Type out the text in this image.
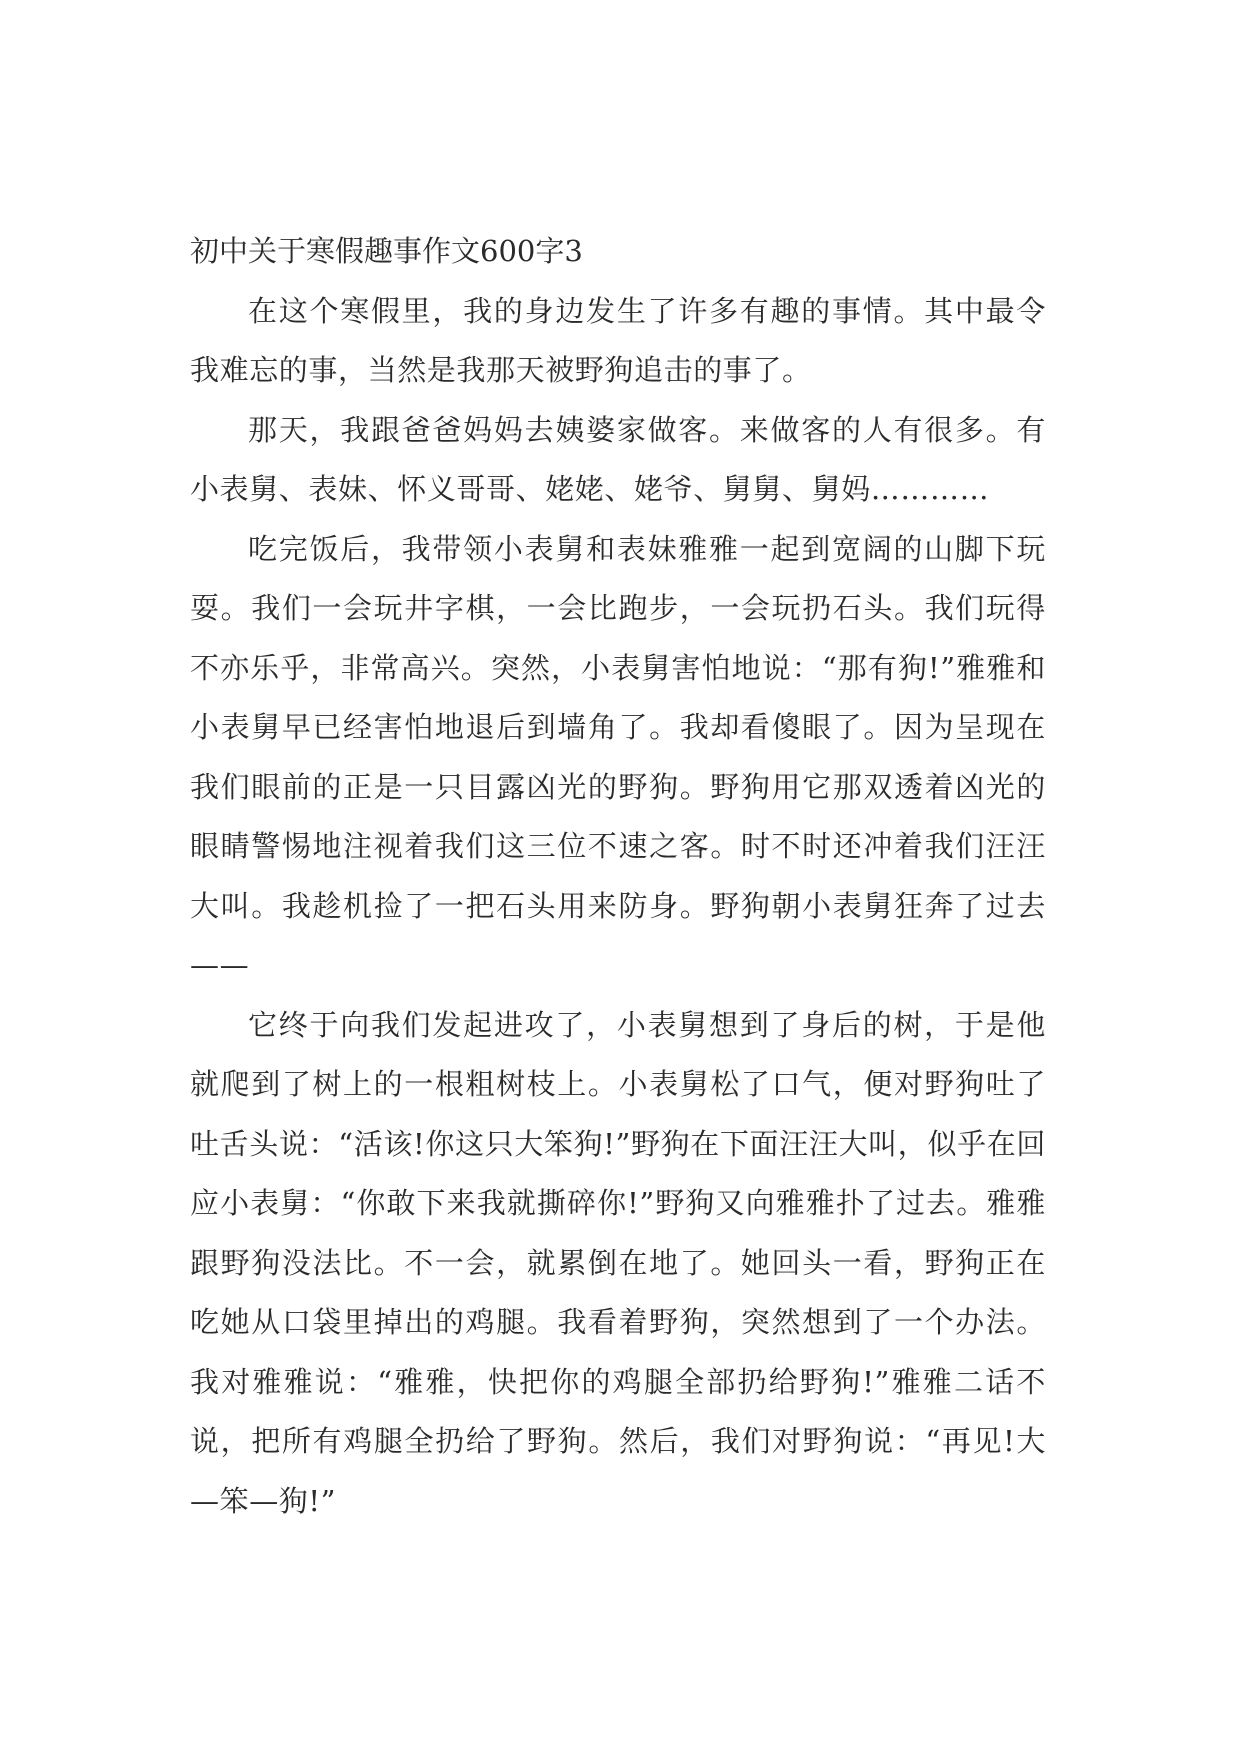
初中关于寒假趣事作文600字3

在这个寒假里，我的身边发生了许多有趣的事情。其中最令我难忘的事，当然是我那天被野狗追击的事了。

那天，我跟爸爸妈妈去姨婆家做客。来做客的人有很多。有小表舅、表妹、怀义哥哥、姥姥、姥爷、舅舅、舅妈…………

吃完饭后，我带领小表舅和表妹雅雅一起到宽阔的山脚下玩耍。我们一会玩井字棋，一会比跑步，一会玩扔石头。我们玩得不亦乐乎，非常高兴。突然，小表舅害怕地说：“那有狗!”雅雅和小表舅早已经害怕地退后到墙角了。我却看傻眼了。因为呈现在我们眼前的正是一只目露凶光的野狗。野狗用它那双透着凶光的眼睛警惕地注视着我们这三位不速之客。时不时还冲着我们汪汪大叫。我趁机捡了一把石头用来防身。野狗朝小表舅狂奔了过去——

它终于向我们发起进攻了，小表舅想到了身后的树，于是他就爬到了树上的一根粗树枝上。小表舅松了口气，便对野狗吐了吐舌头说：“活该!你这只大笨狗!”野狗在下面汪汪大叫，似乎在回应小表舅：“你敢下来我就撕碎你!”野狗又向雅雅扑了过去。雅雅跟野狗没法比。不一会，就累倒在地了。她回头一看，野狗正在吃她从口袋里掉出的鸡腿。我看着野狗，突然想到了一个办法。我对雅雅说：“雅雅，快把你的鸡腿全部扔给野狗!”雅雅二话不说，把所有鸡腿全扔给了野狗。然后，我们对野狗说：“再见!大—笨—狗!”
